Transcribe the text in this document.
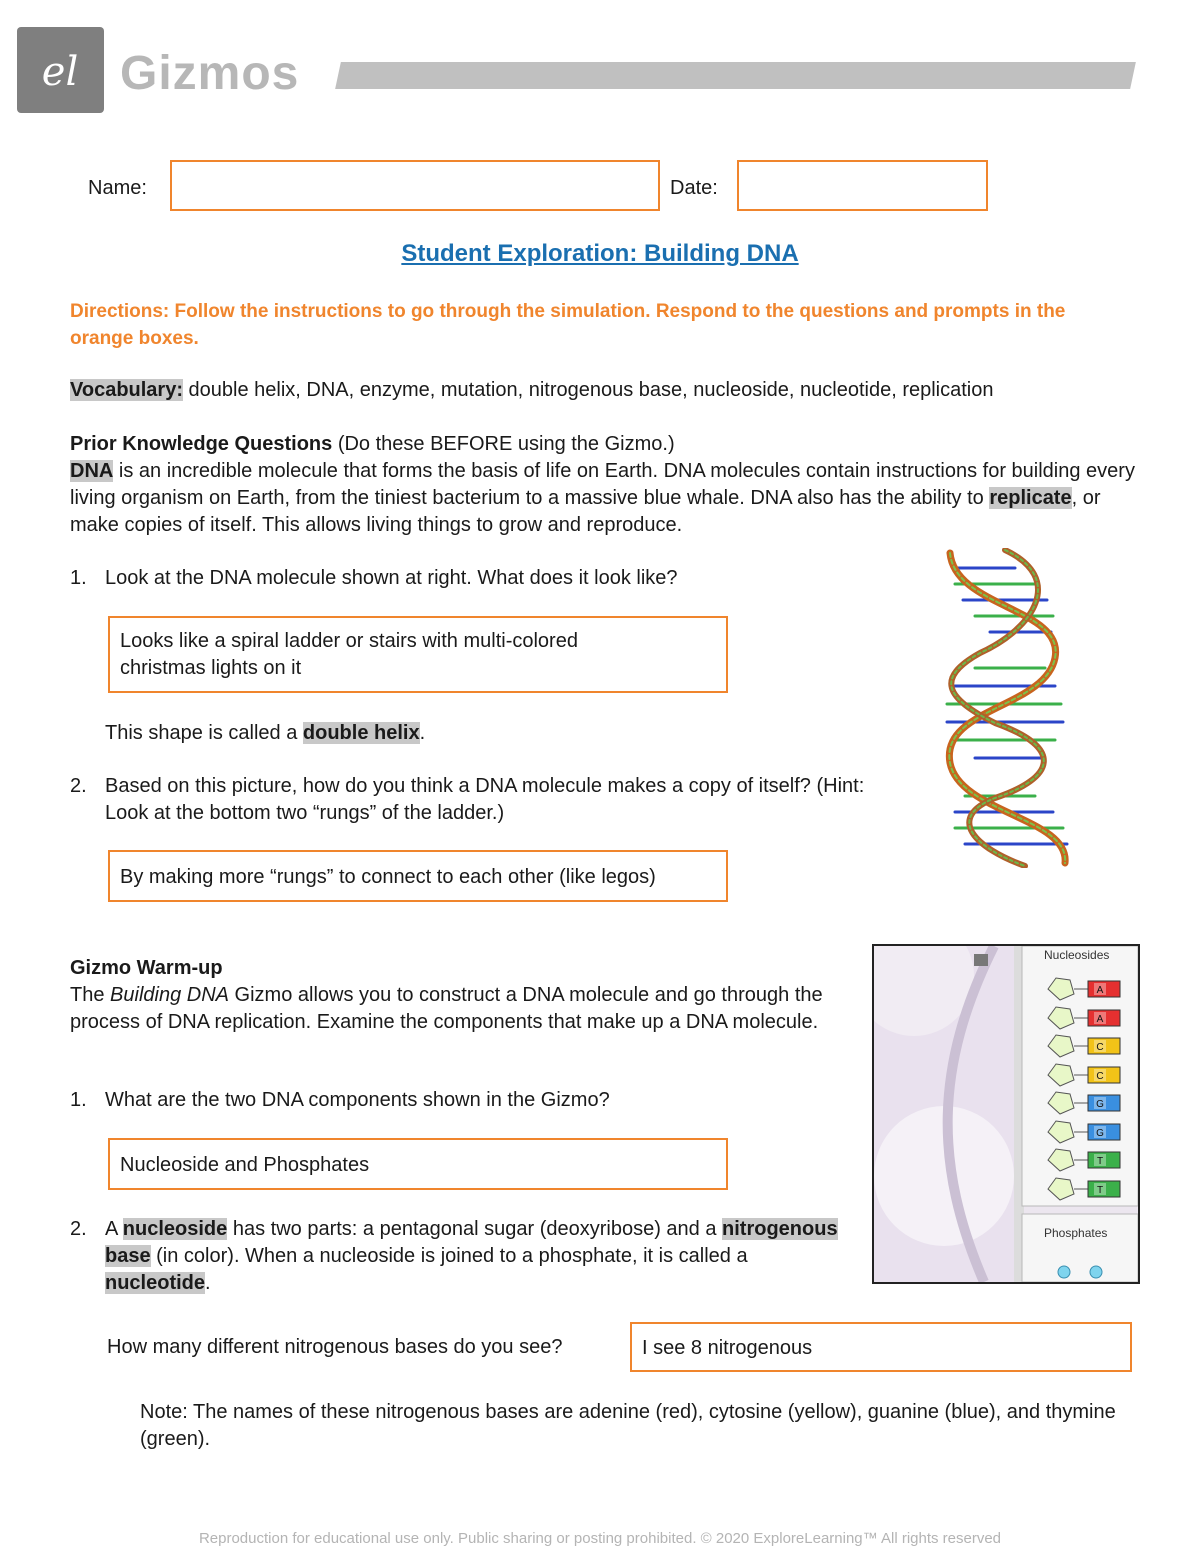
el Gizmos
Name:	Date:
Student Exploration: Building DNA
Directions: Follow the instructions to go through the simulation. Respond to the questions and prompts in the orange boxes.
Vocabulary: double helix, DNA, enzyme, mutation, nitrogenous base, nucleoside, nucleotide, replication
Prior Knowledge Questions (Do these BEFORE using the Gizmo.)
DNA is an incredible molecule that forms the basis of life on Earth. DNA molecules contain instructions for building every living organism on Earth, from the tiniest bacterium to a massive blue whale. DNA also has the ability to replicate, or make copies of itself. This allows living things to grow and reproduce.
1. Look at the DNA molecule shown at right. What does it look like?
Looks like a spiral ladder or stairs with multi-colored christmas lights on it
This shape is called a double helix.
2. Based on this picture, how do you think a DNA molecule makes a copy of itself? (Hint: Look at the bottom two “rungs” of the ladder.)
By making more “rungs” to connect to each other (like legos)
Gizmo Warm-up
The Building DNA Gizmo allows you to construct a DNA molecule and go through the process of DNA replication. Examine the components that make up a DNA molecule.
1. What are the two DNA components shown in the Gizmo?
Nucleoside and Phosphates
2. A nucleoside has two parts: a pentagonal sugar (deoxyribose) and a nitrogenous base (in color). When a nucleoside is joined to a phosphate, it is called a nucleotide.
How many different nitrogenous bases do you see?	I see 8 nitrogenous
Note: The names of these nitrogenous bases are adenine (red), cytosine (yellow), guanine (blue), and thymine (green).
Nucleosides
Phosphates
A
A
C
C
G
G
T
T
Reproduction for educational use only. Public sharing or posting prohibited. © 2020 ExploreLearning™ All rights reserved
